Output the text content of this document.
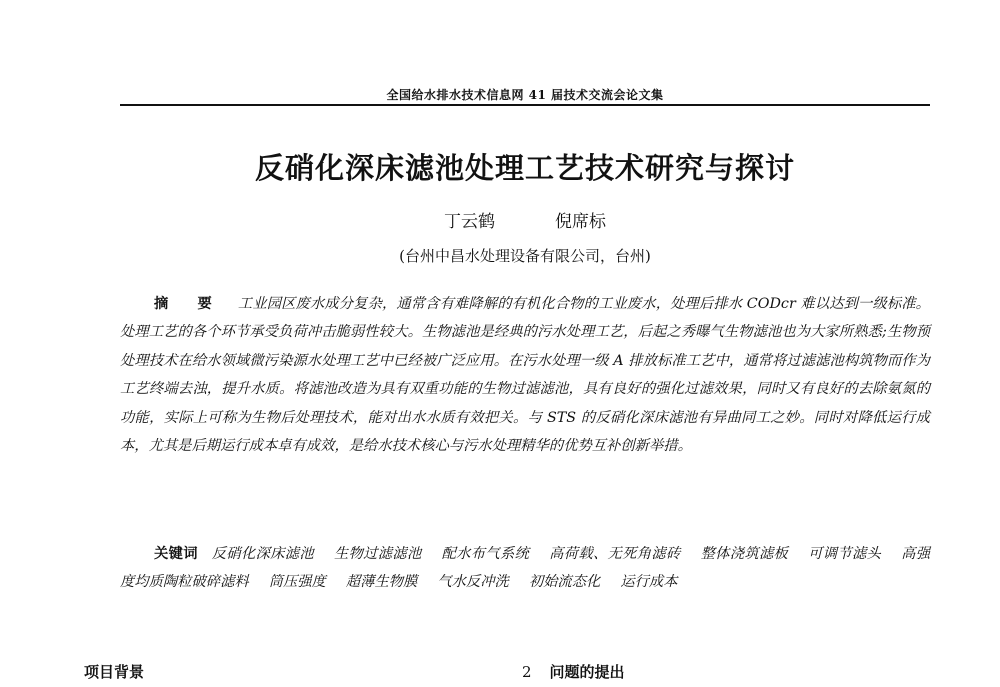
全国给水排水技术信息网 41 届技术交流会论文集
反硝化深床滤池处理工艺技术研究与探讨
丁云鹤	倪席标
(台州中昌水处理设备有限公司，台州)
摘 要 工业园区废水成分复杂，通常含有难降解的有机化合物的工业废水，处理后排水 CODcr 难以达到一级标准。处理工艺的各个环节承受负荷冲击脆弱性较大。生物滤池是经典的污水处理工艺，后起之秀曝气生物滤池也为大家所熟悉;生物预处理技术在给水领域微污染源水处理工艺中已经被广泛应用。在污水处理一级 A 排放标准工艺中，通常将过滤滤池构筑物而作为工艺终端去浊，提升水质。将滤池改造为具有双重功能的生物过滤滤池，具有良好的强化过滤效果，同时又有良好的去除氨氮的功能，实际上可称为生物后处理技术，能对出水水质有效把关。与 STS 的反硝化深床滤池有异曲同工之妙。同时对降低运行成本，尤其是后期运行成本卓有成效，是给水技术核心与污水处理精华的优势互补创新举措。
关键词 反硝化深床滤池 生物过滤滤池 配水布气系统 高荷载、无死角滤砖 整体浇筑滤板 可调节滤头 高强度均质陶粒破碎滤料 筒压强度 超薄生物膜 气水反冲洗 初始流态化 运行成本
项目背景	2 问题的提出
